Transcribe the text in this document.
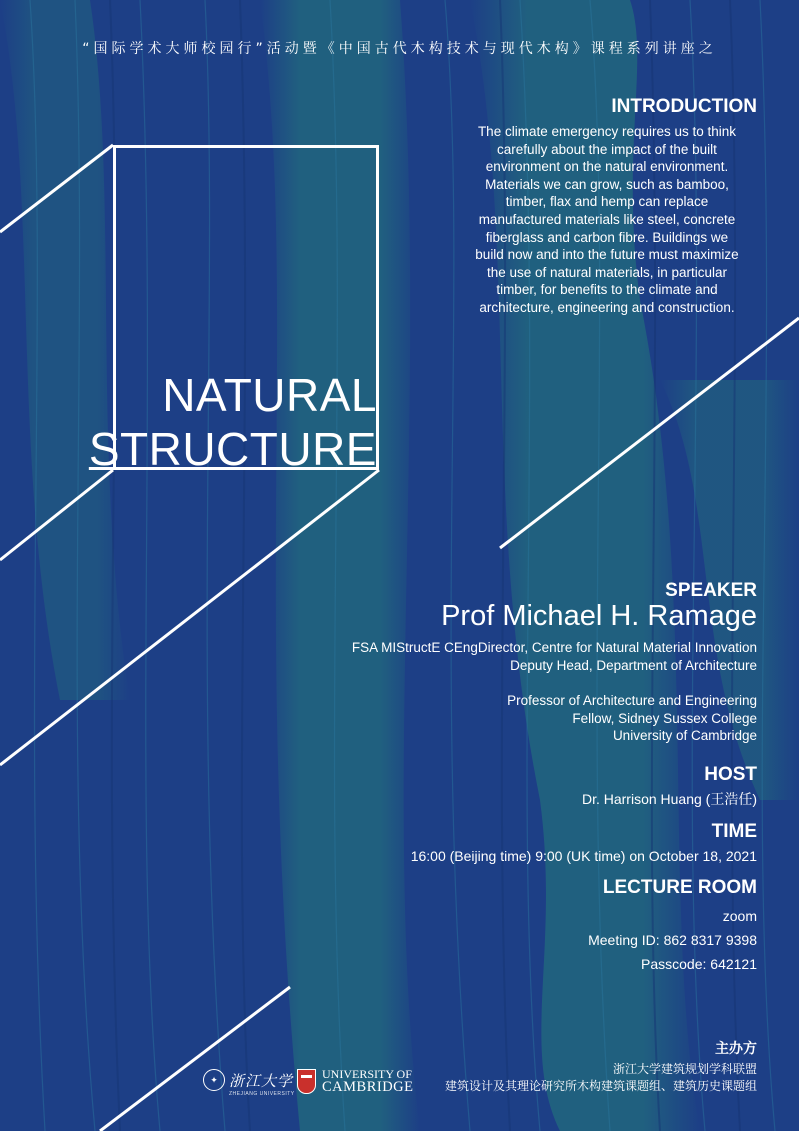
“国际学术大师校园行”活动暨《中国古代木构技术与现代木构》课程系列讲座之
NATURAL
STRUCTURE
INTRODUCTION
The climate emergency requires us to think
carefully about the impact of the built
environment on the natural environment.
Materials we can grow, such as bamboo,
timber, flax and hemp can replace
manufactured materials like steel, concrete
fiberglass and carbon fibre. Buildings we
build now and into the future must maximize
the use of natural materials, in particular
timber, for benefits to the climate and
architecture, engineering and construction.
SPEAKER
Prof Michael H. Ramage
FSA MIStructE CEngDirector, Centre for Natural Material Innovation
Deputy Head, Department of Architecture
Professor of Architecture and Engineering
Fellow, Sidney Sussex College
University of Cambridge
HOST
Dr. Harrison Huang (王浩任)
TIME
16:00 (Beijing time) 9:00 (UK time) on October 18, 2021
LECTURE ROOM
zoom
Meeting ID: 862 8317 9398
Passcode: 642121
主办方
浙江大学建筑规划学科联盟
建筑设计及其理论研究所木构建筑课题组、建筑历史课题组
✦ 浙江大学
ZHEJIANG UNIVERSITY
UNIVERSITY OF
CAMBRIDGE
